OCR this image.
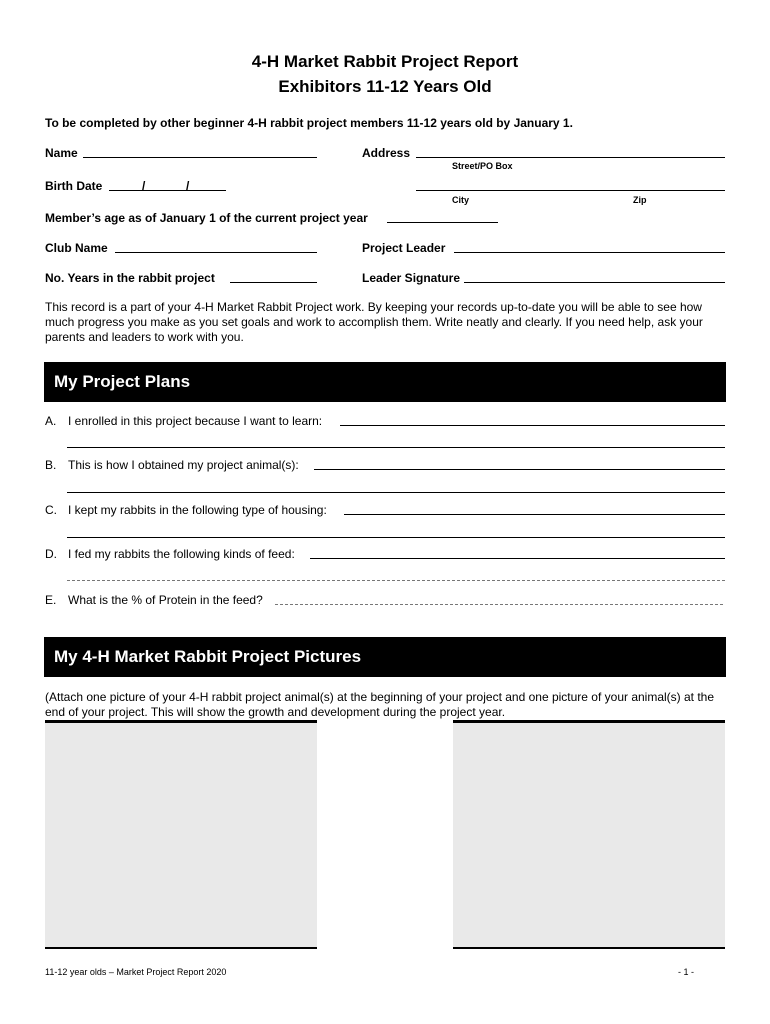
4-H Market Rabbit Project Report
Exhibitors 11-12 Years Old
To be completed by other beginner 4-H rabbit project members 11-12 years old by January 1.
Name	Address
Street/PO Box
Birth Date	/	/
City	Zip
Member’s age as of January 1 of the current project year
Club Name	Project Leader
No. Years in the rabbit project	Leader Signature
This record is a part of your 4-H Market Rabbit Project work. By keeping your records up-to-date you will be able to see how much progress you make as you set goals and work to accomplish them. Write neatly and clearly. If you need help, ask your parents and leaders to work with you.
My Project Plans
A. I enrolled in this project because I want to learn:
B. This is how I obtained my project animal(s):
C. I kept my rabbits in the following type of housing:
D. I fed my rabbits the following kinds of feed:
E. What is the % of Protein in the feed?
My 4-H Market Rabbit Project Pictures
(Attach one picture of your 4-H rabbit project animal(s) at the beginning of your project and one picture of your animal(s) at the end of your project. This will show the growth and development during the project year.
11-12 year olds – Market Project Report 2020	- 1 -
